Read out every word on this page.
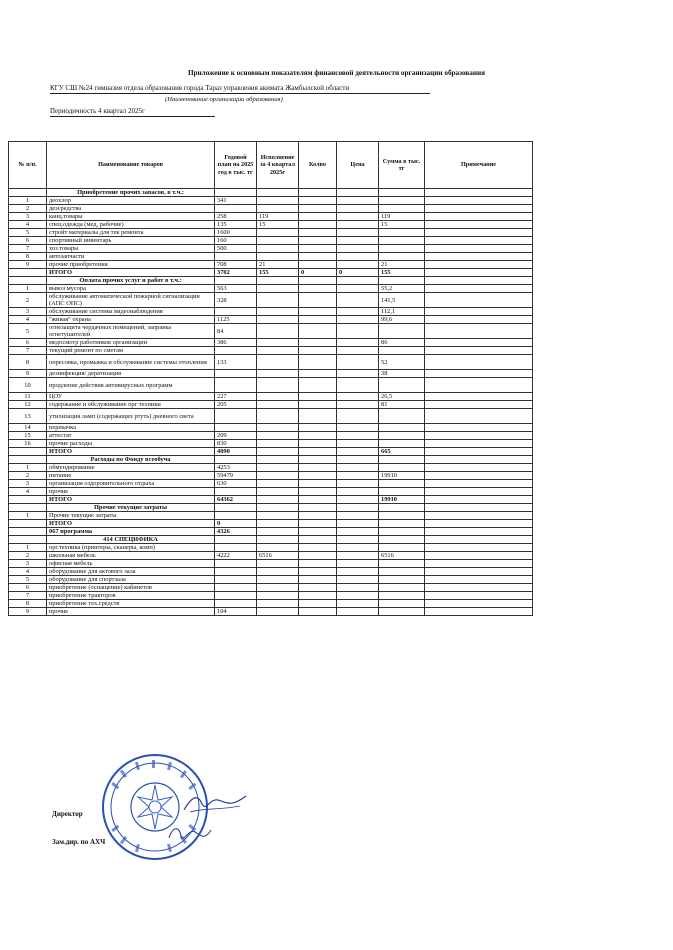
Приложение к основным показателям финансовой деятельности организации образования
КГУ СШ №24 гимназия отдела образования города Тараз управления акимата Жамбылской области
(Наименование организации образования)
Периодичность 4 квартал 2025г
№ п/п.	Наименование товаров	Годовой план на 2025 год в тыс. тг	Исполнение за 4 квартал 2025г	Колво	Цена	Сумма в тыс. тг	Примечание
	Приобретение прочих запасов, в т.ч.:						
1	деохлор	341					
2	дезсредства						
3	канц.товары	258	119			119	
4	спец.одежда (мед, рабочие)	135	15			15	
5	стройт материалы для тек ремонта	1600					
6	спортивный инвентарь	160					
7	хоз.товары	500					
8	автозапчасти						
9	прочие приобретения	708	21			21	
	ИТОГО	3702	155	0	0	155	
	Оплата прочих услуг и работ в т.ч.:						
1	вывоз мусора	563				55,2	
2	обслуживание автоматической пожарной сигнализации (АПС ОПС)	328				141,5	
3	обслуживание системы видеонаблюдения					112,1	
4	"живая" охрана	1125				99,6	
5	огнезащита чердачных помещений, заправка огнетушителей	84					
6	медосмотр работников организации	386				86	
7	текущий ремонт по сметам						
8	опресовка, промывка и обслуживание системы отопления	133				52	
9	дезинфекция/ дератизация					38	
10	продление действия антивирусных программ						
11	ЦОУ	227				26,5	
12	содержание и обслуживание орг техники	205				81	
13	утилизация ламп (содержащих ртуть) дневного света						
14	перекачка						
15	аттестат	209					
16	прочие расходы	830					
	ИТОГО	4090				665	
	Расходы по Фонду всеобуча						
1	обмундирование	4253					
2	питание	59479				19910	
3	организация оздоровительного отдыха	630					
4	прочие						
	ИТОГО	64362				19910	
	Прочие текущие затраты						
1	Прочие текущие затраты						
	ИТОГО	0					
	067 программа	4326					
	414 СПЕЦИФИКА						
1	орг.техника (принтеры, сканеры, комп)						
2	школьная мебель	4222	6516			6516	
3	офисная мебель						
4	оборудование для актового зала						
5	оборудование для спортзала						
6	приобретение (оснащение) кабинетов						
7	приобретение тракторов						
8	приобретение тех.средств						
9	прочие	104					
Директор
Зам.дир. по АХЧ
